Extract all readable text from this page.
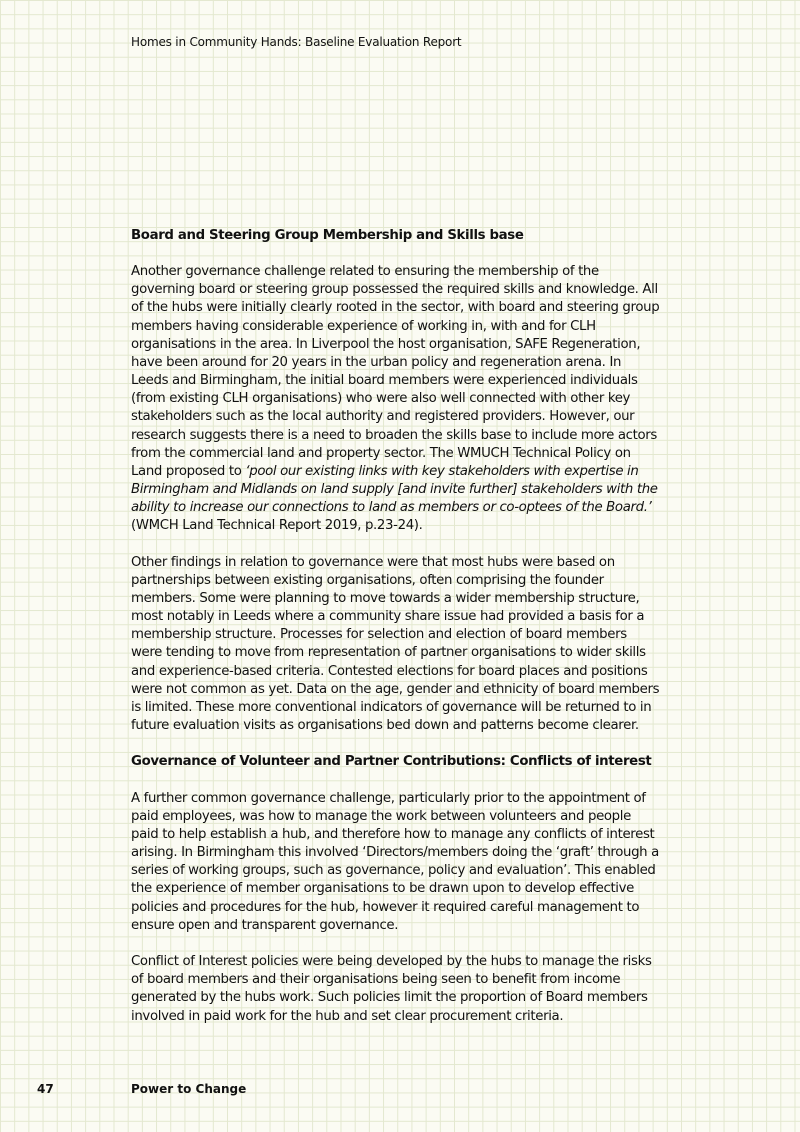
Homes in Community Hands: Baseline Evaluation Report
Board and Steering Group Membership and Skills base

Another governance challenge related to ensuring the membership of the governing board or steering group possessed the required skills and knowledge. All of the hubs were initially clearly rooted in the sector, with board and steering group members having considerable experience of working in, with and for CLH organisations in the area. In Liverpool the host organisation, SAFE Regeneration, have been around for 20 years in the urban policy and regeneration arena. In Leeds and Birmingham, the initial board members were experienced individuals (from existing CLH organisations) who were also well connected with other key stakeholders such as the local authority and registered providers. However, our research suggests there is a need to broaden the skills base to include more actors from the commercial land and property sector. The WMUCH Technical Policy on Land proposed to ‘pool our existing links with key stakeholders with expertise in Birmingham and Midlands on land supply [and invite further] stakeholders with the ability to increase our connections to land as members or co-optees of the Board.’ (WMCH Land Technical Report 2019, p.23-24).

Other findings in relation to governance were that most hubs were based on partnerships between existing organisations, often comprising the founder members. Some were planning to move towards a wider membership structure, most notably in Leeds where a community share issue had provided a basis for a membership structure. Processes for selection and election of board members were tending to move from representation of partner organisations to wider skills and experience-based criteria. Contested elections for board places and positions were not common as yet. Data on the age, gender and ethnicity of board members is limited. These more conventional indicators of governance will be returned to in future evaluation visits as organisations bed down and patterns become clearer.

Governance of Volunteer and Partner Contributions: Conflicts of interest

A further common governance challenge, particularly prior to the appointment of paid employees, was how to manage the work between volunteers and people paid to help establish a hub, and therefore how to manage any conflicts of interest arising. In Birmingham this involved ‘Directors/members doing the ‘graft’ through a series of working groups, such as governance, policy and evaluation’. This enabled the experience of member organisations to be drawn upon to develop effective policies and procedures for the hub, however it required careful management to ensure open and transparent governance.

Conflict of Interest policies were being developed by the hubs to manage the risks of board members and their organisations being seen to benefit from income generated by the hubs work. Such policies limit the proportion of Board members involved in paid work for the hub and set clear procurement criteria.

47	Power to Change
